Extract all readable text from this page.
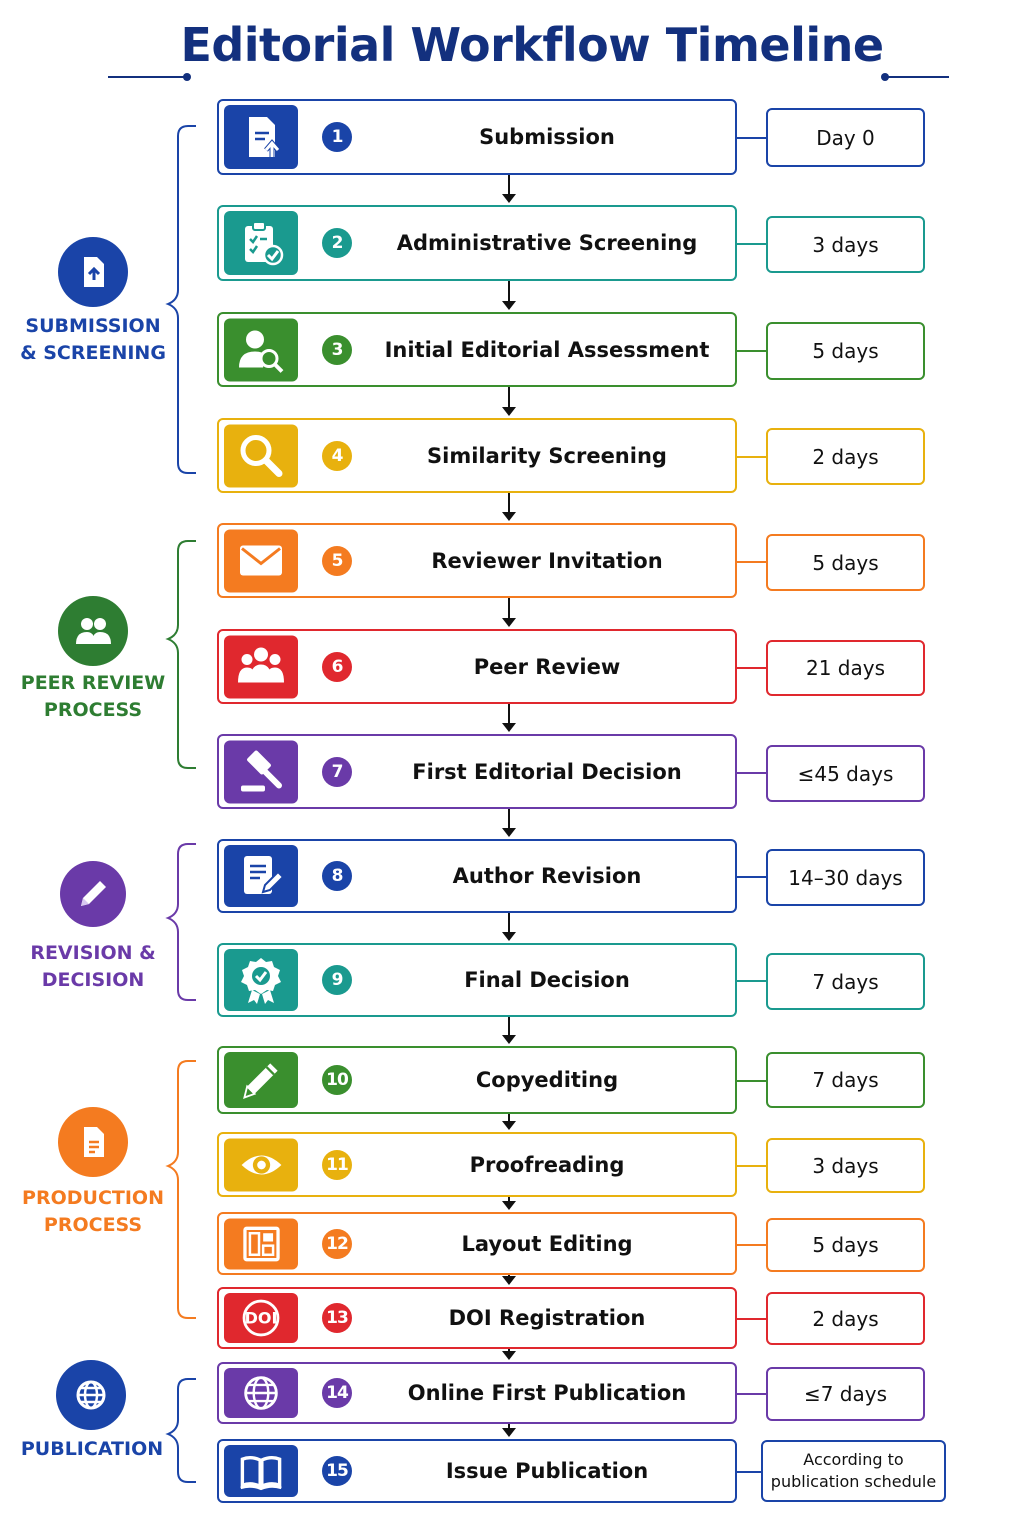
Editorial Workflow Timeline
SUBMISSION
& SCREENING
PEER REVIEW
PROCESS
REVISION &
DECISION
PRODUCTION
PROCESS
PUBLICATION
1	Submission	Day 0
2	Administrative Screening	3 days
3	Initial Editorial Assessment	5 days
4	Similarity Screening	2 days
5	Reviewer Invitation	5 days
6	Peer Review	21 days
7	First Editorial Decision	≤45 days
8	Author Revision	14–30 days
9	Final Decision	7 days
10	Copyediting	7 days
11	Proofreading	3 days
12	Layout Editing	5 days
DOI	13	DOI Registration	2 days
14	Online First Publication	≤7 days
15	Issue Publication	According to publication schedule
